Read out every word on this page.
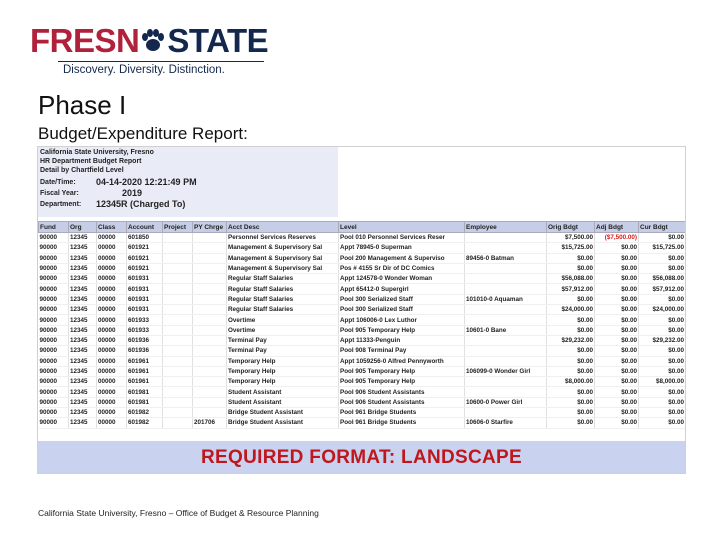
FRESN STATE
Discovery. Diversity. Distinction.
Phase I
Budget/Expenditure Report:
California State University, Fresno
HR Department Budget Report
Detail by Chartfield Level
Date/Time: 04-14-2020 12:21:49 PM
Fiscal Year:	2019
Department: 12345R (Charged To)
Fund	Org	Class	Account	Project	PY Chrge	Acct Desc	Level	Employee	Orig Bdgt	Adj Bdgt	Cur Bdgt
90000	12345	00000	601850			Personnel Services Reserves	Pool 010 Personnel Services Reser		$7,500.00	($7,500.00)	$0.00
90000	12345	00000	601921			Management & Supervisory Sal	Appt 78945-0 Superman		$15,725.00	$0.00	$15,725.00
90000	12345	00000	601921			Management & Supervisory Sal	Pool 200 Management & Superviso	89456-0 Batman	$0.00	$0.00	$0.00
90000	12345	00000	601921			Management & Supervisory Sal	Pos # 4155 Sr Dir of DC Comics		$0.00	$0.00	$0.00
90000	12345	00000	601931			Regular Staff Salaries	Appt 124578-0 Wonder Woman		$56,088.00	$0.00	$56,088.00
90000	12345	00000	601931			Regular Staff Salaries	Appt 65412-0 Supergirl		$57,912.00	$0.00	$57,912.00
90000	12345	00000	601931			Regular Staff Salaries	Pool 300 Serialized Staff	101010-0 Aquaman	$0.00	$0.00	$0.00
90000	12345	00000	601931			Regular Staff Salaries	Pool 300 Serialized Staff		$24,000.00	$0.00	$24,000.00
90000	12345	00000	601933			Overtime	Appt 106006-0 Lex Luthor		$0.00	$0.00	$0.00
90000	12345	00000	601933			Overtime	Pool 905 Temporary Help	10601-0 Bane	$0.00	$0.00	$0.00
90000	12345	00000	601936			Terminal Pay	Appt 11333-Penguin		$29,232.00	$0.00	$29,232.00
90000	12345	00000	601936			Terminal Pay	Pool 908 Terminal Pay		$0.00	$0.00	$0.00
90000	12345	00000	601961			Temporary Help	Appt 1059256-0 Alfred Pennyworth		$0.00	$0.00	$0.00
90000	12345	00000	601961			Temporary Help	Pool 905 Temporary Help	106099-0 Wonder Girl	$0.00	$0.00	$0.00
90000	12345	00000	601961			Temporary Help	Pool 905 Temporary Help		$8,000.00	$0.00	$8,000.00
90000	12345	00000	601981			Student Assistant	Pool 906 Student Assistants		$0.00	$0.00	$0.00
90000	12345	00000	601981			Student Assistant	Pool 906 Student Assistants	10600-0 Power Girl	$0.00	$0.00	$0.00
90000	12345	00000	601982			Bridge Student Assistant	Pool 961 Bridge Students		$0.00	$0.00	$0.00
90000	12345	00000	601982		201706	Bridge Student Assistant	Pool 961 Bridge Students	10606-0 Starfire	$0.00	$0.00	$0.00
REQUIRED FORMAT: LANDSCAPE
California State University, Fresno – Office of Budget & Resource Planning
